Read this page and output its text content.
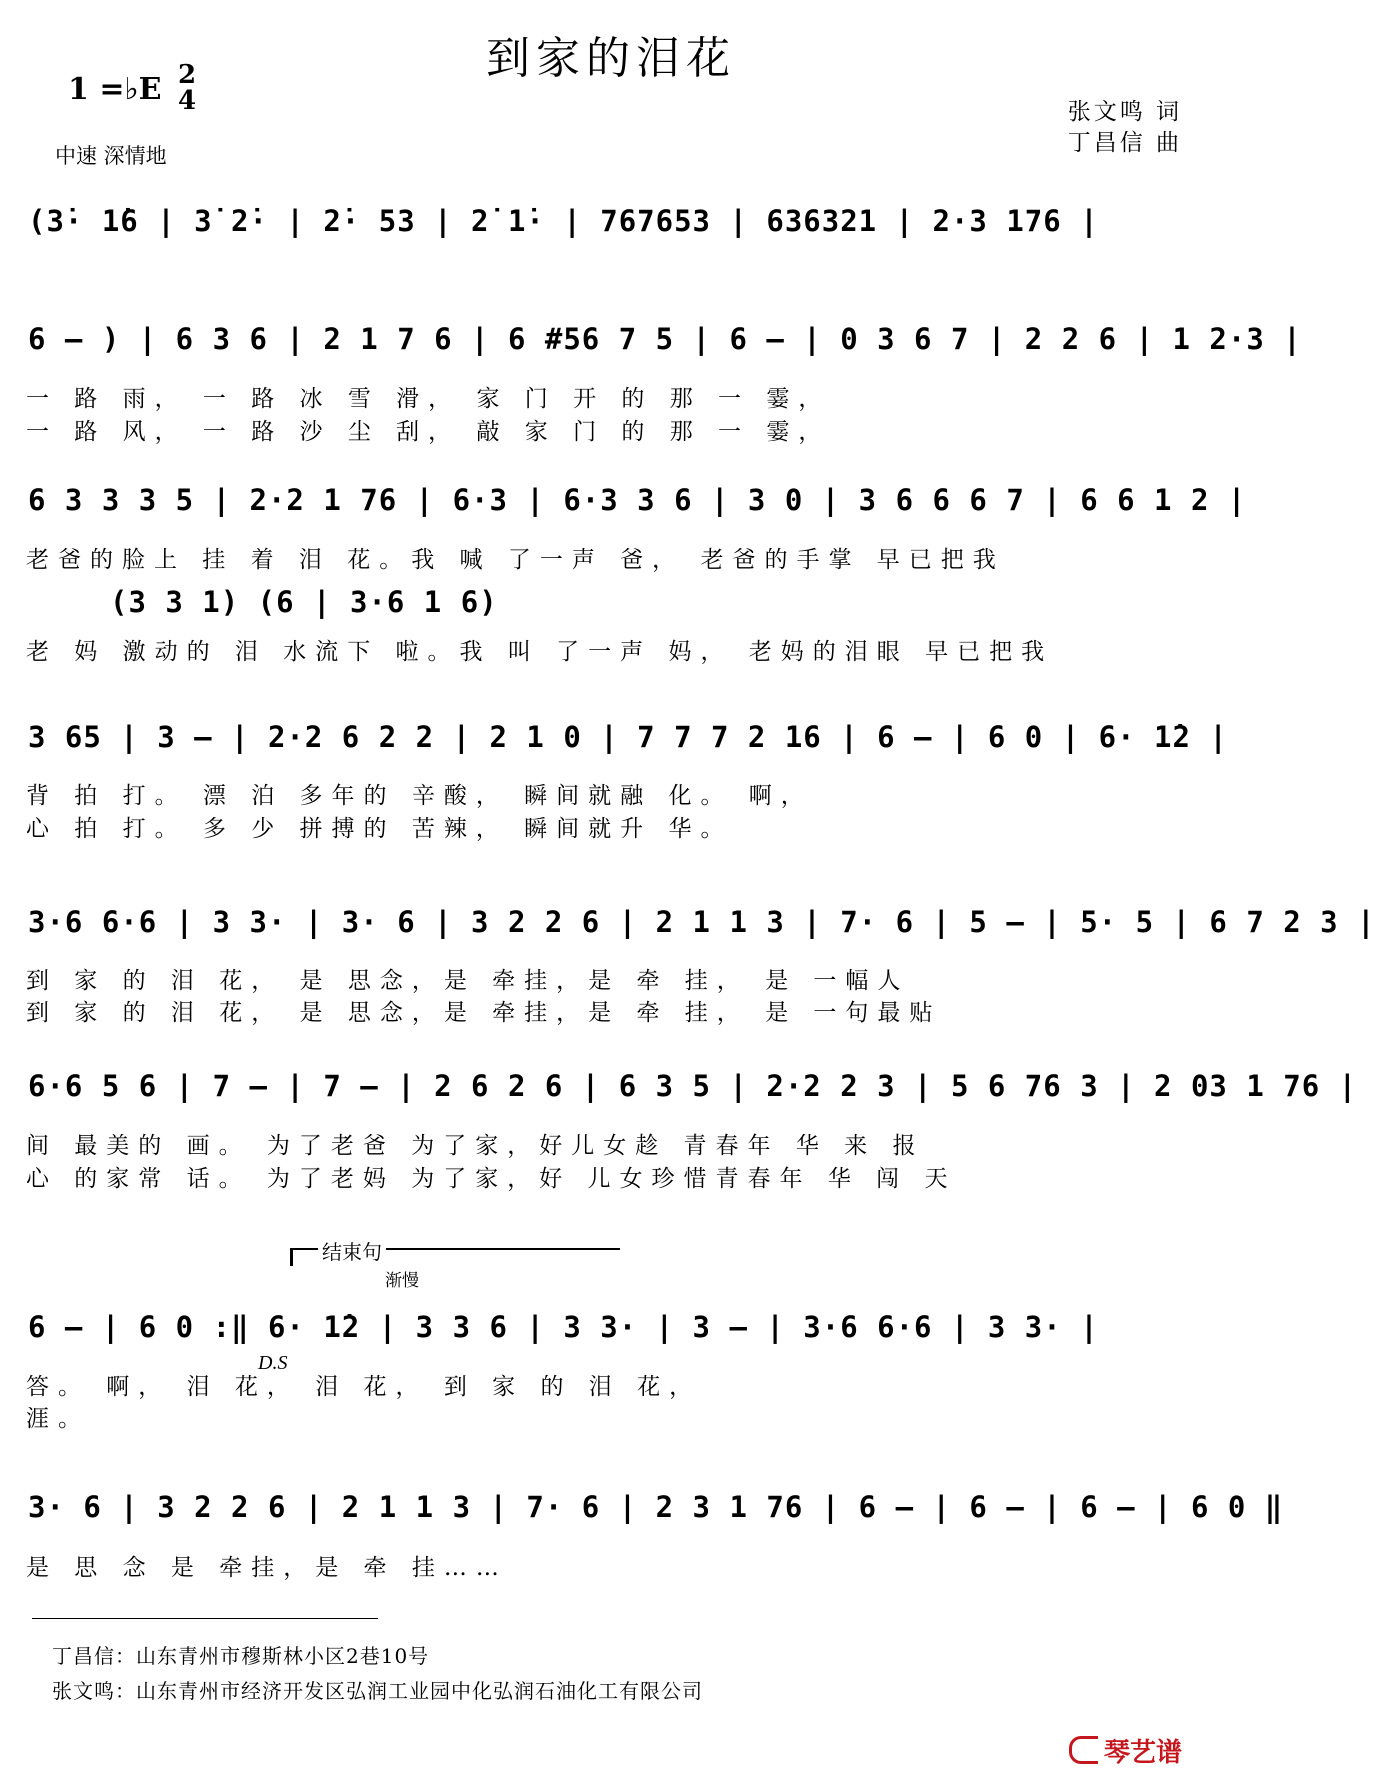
到家的泪花
1 =♭E 2
4
中速 深情地
张文鸣 词
丁昌信 曲
(3̇· 1̇6 | 3̇ 2̇· | 2̇· 53 | 2̇ 1̇· | 767653 | 636321 | 2·3 176 |
6 — ) | 6 3 6 | 2 1 7 6 | 6 #56 7 5 | 6 — | 0 3 6 7 | 2 2 6 | 1 2·3 |
一 路 雨， 一 路 冰 雪 滑， 家 门 开 的 那 一 霎，
一 路 风， 一 路 沙 尘 刮， 敲 家 门 的 那 一 霎，
6 3 3 3 5 | 2·2 1 76 | 6·3 | 6·3 3 6 | 3 0 | 3 6 6 6 7 | 6 6 1 2 |
老爸的脸上 挂 着 泪 花。我 喊 了一声 爸， 老爸的手掌 早已把我
(3 3 1) (6 | 3·6 1 6)
老 妈 激动的 泪 水流下 啦。我 叫 了一声 妈， 老妈的泪眼 早已把我
3 65 | 3 — | 2·2 6 2 2 | 2 1 0 | 7 7 7 2 16 | 6 — | 6 0 | 6· 1̇2 |
背 拍 打。 漂 泊 多年的 辛酸， 瞬间就融 化。 啊，
心 拍 打。 多 少 拼搏的 苦辣， 瞬间就升 华。
3·6 6·6 | 3 3· | 3· 6 | 3 2 2 6 | 2 1 1 3 | 7· 6 | 5 — | 5· 5 | 6 7 2 3 |
到 家 的 泪 花， 是 思念，是 牵挂，是 牵 挂， 是 一幅人
到 家 的 泪 花， 是 思念，是 牵挂，是 牵 挂， 是 一句最贴
6·6 5 6 | 7 — | 7 — | 2 6 2 6 | 6 3 5 | 2·2 2 3 | 5 6 76 3 | 2 03 1 76 |
间 最美的 画。 为了老爸 为了家，好儿女趁 青春年 华 来 报
心 的家常 话。 为了老妈 为了家，好 儿女珍惜青春年 华 闯 天
结束句
渐慢
6 — | 6 0 :‖ 6· 1̇2 | 3 3 6 | 3 3· | 3 — | 3·6 6·6 | 3 3· |
D.S
答。 啊， 泪 花， 泪 花， 到 家 的 泪 花，
涯。
3· 6 | 3 2 2 6 | 2 1 1 3 | 7· 6 | 2 3 1 76 | 6 — | 6 — | 6 — | 6 0 ‖
是 思 念 是 牵挂，是 牵 挂……
丁昌信：山东青州市穆斯林小区2巷10号
张文鸣：山东青州市经济开发区弘润工业园中化弘润石油化工有限公司
琴艺谱
